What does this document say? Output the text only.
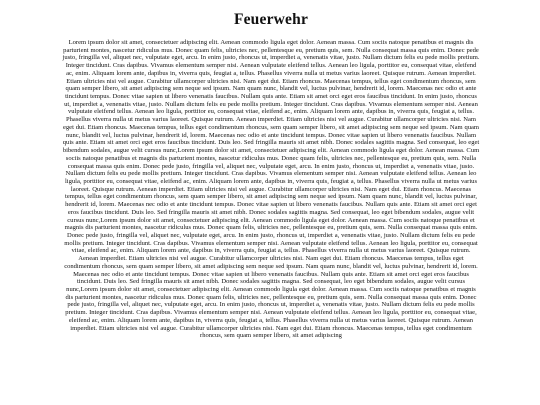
Feuerwehr

Lorem ipsum dolor sit amet, consectetuer adipiscing elit. Aenean commodo ligula eget dolor. Aenean massa. Cum sociis natoque penatibus et magnis dis parturient montes, nascetur ridiculus mus. Donec quam felis, ultricies nec, pellentesque eu, pretium quis, sem. Nulla consequat massa quis enim. Donec pede justo, fringilla vel, aliquet nec, vulputate eget, arcu. In enim justo, rhoncus ut, imperdiet a, venenatis vitae, justo. Nullam dictum felis eu pede mollis pretium. Integer tincidunt. Cras dapibus. Vivamus elementum semper nisi. Aenean vulputate eleifend tellus. Aenean leo ligula, porttitor eu, consequat vitae, eleifend ac, enim. Aliquam lorem ante, dapibus in, viverra quis, feugiat a, tellus. Phasellus viverra nulla ut metus varius laoreet. Quisque rutrum. Aenean imperdiet. Etiam ultricies nisi vel augue. Curabitur ullamcorper ultricies nisi. Nam eget dui. Etiam rhoncus. Maecenas tempus, tellus eget condimentum rhoncus, sem quam semper libero, sit amet adipiscing sem neque sed ipsum. Nam quam nunc, blandit vel, luctus pulvinar, hendrerit id, lorem. Maecenas nec odio et ante tincidunt tempus. Donec vitae sapien ut libero venenatis faucibus. Nullam quis ante. Etiam sit amet orci eget eros faucibus tincidunt. In enim justo, rhoncus ut, imperdiet a, venenatis vitae, justo. Nullam dictum felis eu pede mollis pretium. Integer tincidunt. Cras dapibus. Vivamus elementum semper nisi. Aenean vulputate eleifend tellus. Aenean leo ligula, porttitor eu, consequat vitae, eleifend ac, enim. Aliquam lorem ante, dapibus in, viverra quis, feugiat a, tellus. Phasellus viverra nulla ut metus varius laoreet. Quisque rutrum. Aenean imperdiet. Etiam ultricies nisi vel augue. Curabitur ullamcorper ultricies nisi. Nam eget dui. Etiam rhoncus. Maecenas tempus, tellus eget condimentum rhoncus, sem quam semper libero, sit amet adipiscing sem neque sed ipsum. Nam quam nunc, blandit vel, luctus pulvinar, hendrerit id, lorem. Maecenas nec odio et ante tincidunt tempus. Donec vitae sapien ut libero venenatis faucibus. Nullam quis ante. Etiam sit amet orci eget eros faucibus tincidunt. Duis leo. Sed fringilla mauris sit amet nibh. Donec sodales sagittis magna. Sed consequat, leo eget bibendum sodales, augue velit cursus nunc,Lorem ipsum dolor sit amet, consectetuer adipiscing elit. Aenean commodo ligula eget dolor. Aenean massa. Cum sociis natoque penatibus et magnis dis parturient montes, nascetur ridiculus mus. Donec quam felis, ultricies nec, pellentesque eu, pretium quis, sem. Nulla consequat massa quis enim. Donec pede justo, fringilla vel, aliquet nec, vulputate eget, arcu. In enim justo, rhoncus ut, imperdiet a, venenatis vitae, justo. Nullam dictum felis eu pede mollis pretium. Integer tincidunt. Cras dapibus. Vivamus elementum semper nisi. Aenean vulputate eleifend tellus. Aenean leo ligula, porttitor eu, consequat vitae, eleifend ac, enim. Aliquam lorem ante, dapibus in, viverra quis, feugiat a, tellus. Phasellus viverra nulla ut metus varius laoreet. Quisque rutrum. Aenean imperdiet. Etiam ultricies nisi vel augue. Curabitur ullamcorper ultricies nisi. Nam eget dui. Etiam rhoncus. Maecenas tempus, tellus eget condimentum rhoncus, sem quam semper libero, sit amet adipiscing sem neque sed ipsum. Nam quam nunc, blandit vel, luctus pulvinar, hendrerit id, lorem. Maecenas nec odio et ante tincidunt tempus. Donec vitae sapien ut libero venenatis faucibus. Nullam quis ante. Etiam sit amet orci eget eros faucibus tincidunt. Duis leo. Sed fringilla mauris sit amet nibh. Donec sodales sagittis magna. Sed consequat, leo eget bibendum sodales, augue velit cursus nunc,Lorem ipsum dolor sit amet, consectetuer adipiscing elit. Aenean commodo ligula eget dolor. Aenean massa. Cum sociis natoque penatibus et magnis dis parturient montes, nascetur ridiculus mus. Donec quam felis, ultricies nec, pellentesque eu, pretium quis, sem. Nulla consequat massa quis enim. Donec pede justo, fringilla vel, aliquet nec, vulputate eget, arcu. In enim justo, rhoncus ut, imperdiet a, venenatis vitae, justo. Nullam dictum felis eu pede mollis pretium. Integer tincidunt. Cras dapibus. Vivamus elementum semper nisi. Aenean vulputate eleifend tellus. Aenean leo ligula, porttitor eu, consequat vitae, eleifend ac, enim. Aliquam lorem ante, dapibus in, viverra quis, feugiat a, tellus. Phasellus viverra nulla ut metus varius laoreet. Quisque rutrum. Aenean imperdiet. Etiam ultricies nisi vel augue. Curabitur ullamcorper ultricies nisi. Nam eget dui. Etiam rhoncus. Maecenas tempus, tellus eget condimentum rhoncus, sem quam semper libero, sit amet adipiscing sem neque sed ipsum. Nam quam nunc, blandit vel, luctus pulvinar, hendrerit id, lorem. Maecenas nec odio et ante tincidunt tempus. Donec vitae sapien ut libero venenatis faucibus. Nullam quis ante. Etiam sit amet orci eget eros faucibus tincidunt. Duis leo. Sed fringilla mauris sit amet nibh. Donec sodales sagittis magna. Sed consequat, leo eget bibendum sodales, augue velit cursus nunc,Lorem ipsum dolor sit amet, consectetuer adipiscing elit. Aenean commodo ligula eget dolor. Aenean massa. Cum sociis natoque penatibus et magnis dis parturient montes, nascetur ridiculus mus. Donec quam felis, ultricies nec, pellentesque eu, pretium quis, sem. Nulla consequat massa quis enim. Donec pede justo, fringilla vel, aliquet nec, vulputate eget, arcu. In enim justo, rhoncus ut, imperdiet a, venenatis vitae, justo. Nullam dictum felis eu pede mollis pretium. Integer tincidunt. Cras dapibus. Vivamus elementum semper nisi. Aenean vulputate eleifend tellus. Aenean leo ligula, porttitor eu, consequat vitae, eleifend ac, enim. Aliquam lorem ante, dapibus in, viverra quis, feugiat a, tellus. Phasellus viverra nulla ut metus varius laoreet. Quisque rutrum. Aenean imperdiet. Etiam ultricies nisi vel augue. Curabitur ullamcorper ultricies nisi. Nam eget dui. Etiam rhoncus. Maecenas tempus, tellus eget condimentum rhoncus, sem quam semper libero, sit amet adipiscing
